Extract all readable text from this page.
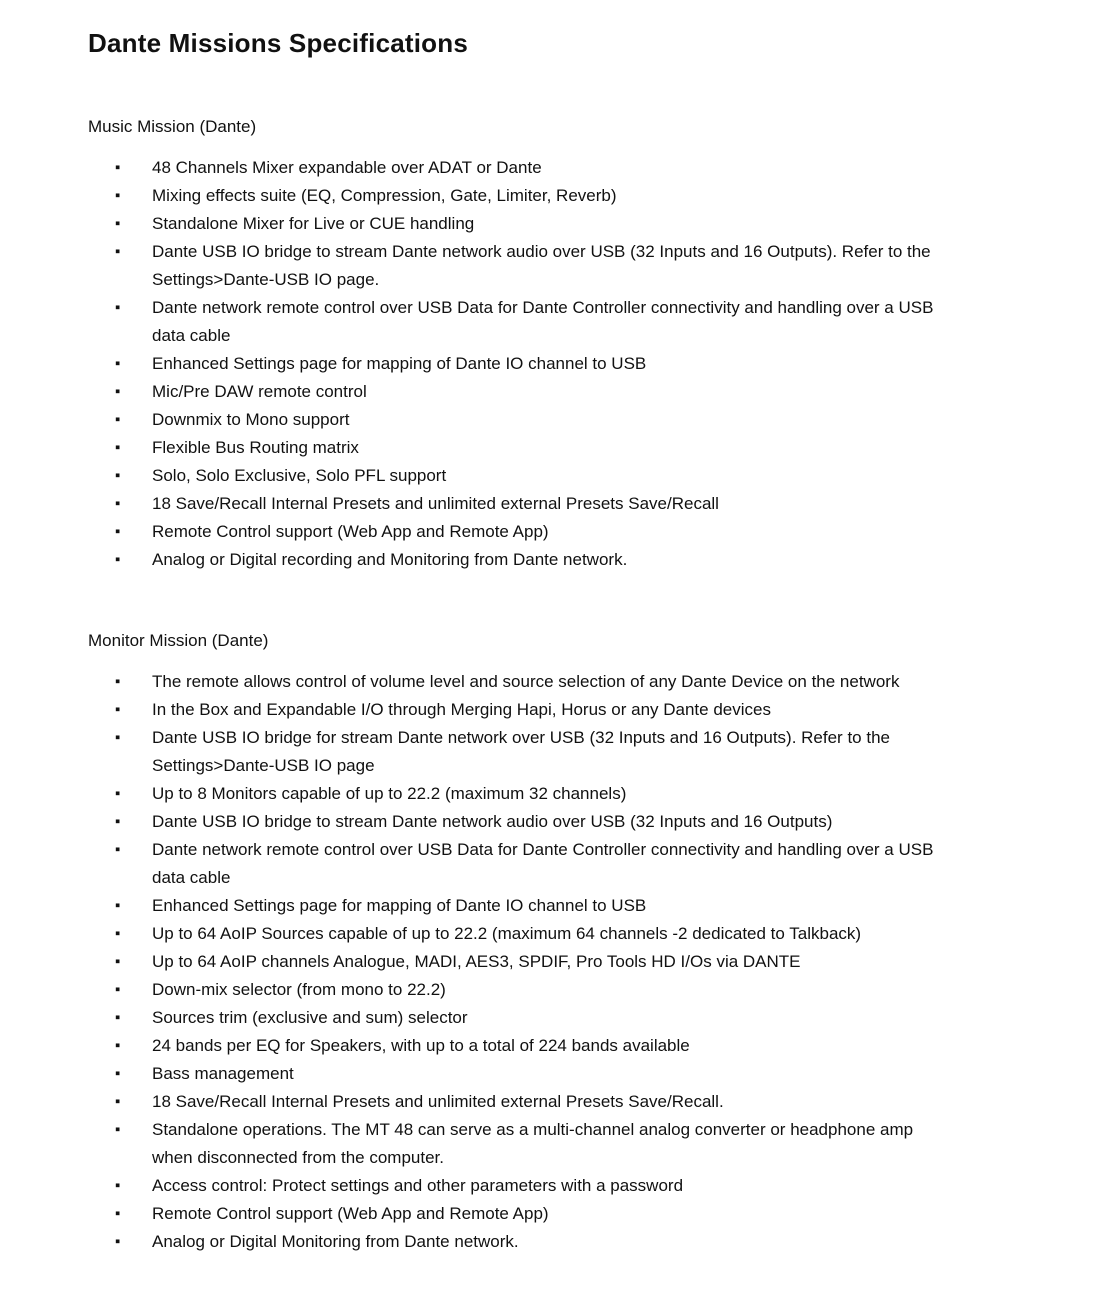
Dante Missions Specifications

Music Mission (Dante)

▪	48 Channels Mixer expandable over ADAT or Dante
▪	Mixing effects suite (EQ, Compression, Gate, Limiter, Reverb)
▪	Standalone Mixer for Live or CUE handling
▪	Dante USB IO bridge to stream Dante network audio over USB (32 Inputs and 16 Outputs). Refer to the Settings>Dante-USB IO page.
▪	Dante network remote control over USB Data for Dante Controller connectivity and handling over a USB data cable
▪	Enhanced Settings page for mapping of Dante IO channel to USB
▪	Mic/Pre DAW remote control
▪	Downmix to Mono support
▪	Flexible Bus Routing matrix
▪	Solo, Solo Exclusive, Solo PFL support
▪	18 Save/Recall Internal Presets and unlimited external Presets Save/Recall
▪	Remote Control support (Web App and Remote App)
▪	Analog or Digital recording and Monitoring from Dante network.

Monitor Mission (Dante)

▪	The remote allows control of volume level and source selection of any Dante Device on the network
▪	In the Box and Expandable I/O through Merging Hapi, Horus or any Dante devices
▪	Dante USB IO bridge for stream Dante network over USB (32 Inputs and 16 Outputs). Refer to the Settings>Dante-USB IO page
▪	Up to 8 Monitors capable of up to 22.2 (maximum 32 channels)
▪	Dante USB IO bridge to stream Dante network audio over USB (32 Inputs and 16 Outputs)
▪	Dante network remote control over USB Data for Dante Controller connectivity and handling over a USB data cable
▪	Enhanced Settings page for mapping of Dante IO channel to USB
▪	Up to 64 AoIP Sources capable of up to 22.2 (maximum 64 channels -2 dedicated to Talkback)
▪	Up to 64 AoIP channels Analogue, MADI, AES3, SPDIF, Pro Tools HD I/Os via DANTE
▪	Down-mix selector (from mono to 22.2)
▪	Sources trim (exclusive and sum) selector
▪	24 bands per EQ for Speakers, with up to a total of 224 bands available
▪	Bass management
▪	18 Save/Recall Internal Presets and unlimited external Presets Save/Recall.
▪	Standalone operations. The MT 48 can serve as a multi-channel analog converter or headphone amp when disconnected from the computer.
▪	Access control: Protect settings and other parameters with a password
▪	Remote Control support (Web App and Remote App)
▪	Analog or Digital Monitoring from Dante network.
